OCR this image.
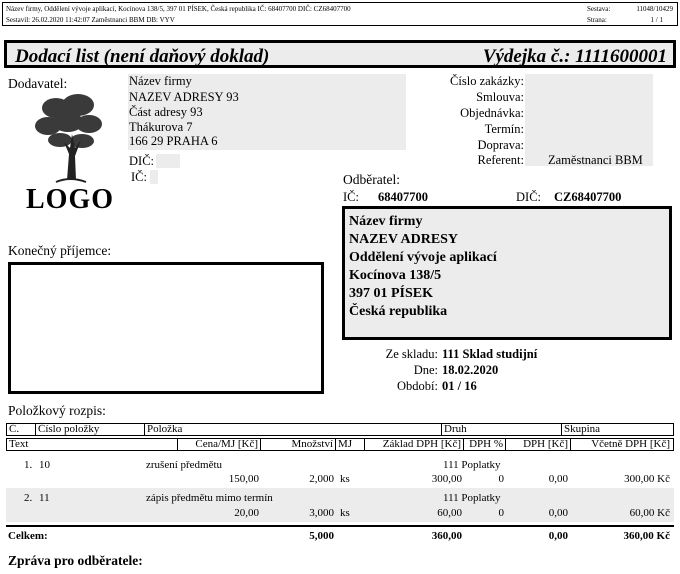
Název firmy, Oddělení vývoje aplikací, Kocínova 138/5, 397 01 PÍSEK, Česká republika IČ: 68407700 DIČ: CZ68407700
Sestavil: 26.02.2020 11:42:07 Zaměstnanci BBM DB: VYV
Sestava:	11048/10429
Strana:	1 / 1
Dodací list (není daňový doklad)	Výdejka č.: 1111600001
Dodavatel:	Název firmy
NAZEV ADRESY 93
Část adresy 93
Thákurova 7
166 29 PRAHA 6
DIČ:
IČ:
LOGO
Číslo zakázky:
Smlouva:
Objednávka:
Termín:
Doprava:
Referent: Zaměstnanci BBM
Odběratel:
IČ: 68407700	DIČ: CZ68407700
Název firmy
NAZEV ADRESY
Oddělení vývoje aplikací
Kocínova 138/5
397 01 PÍSEK
Česká republika
Konečný příjemce:
Ze skladu: 111 Sklad studijní
Dne: 18.02.2020
Období: 01 / 16
Položkový rozpis:
Č.	Číslo položky	Položka	Druh	Skupina
Text	Cena/MJ [Kč]	Množství MJ	Základ DPH [Kč] DPH %	DPH [Kč]	Včetně DPH [Kč]
1. 10	zrušení předmětu	111 Poplatky
150,00	2,000 ks	300,00	0	0,00	300,00 Kč
2. 11	zápis předmětu mimo termín	111 Poplatky
20,00	3,000 ks	60,00	0	0,00	60,00 Kč
Celkem:	5,000	360,00	0,00	360,00 Kč
Zpráva pro odběratele:
